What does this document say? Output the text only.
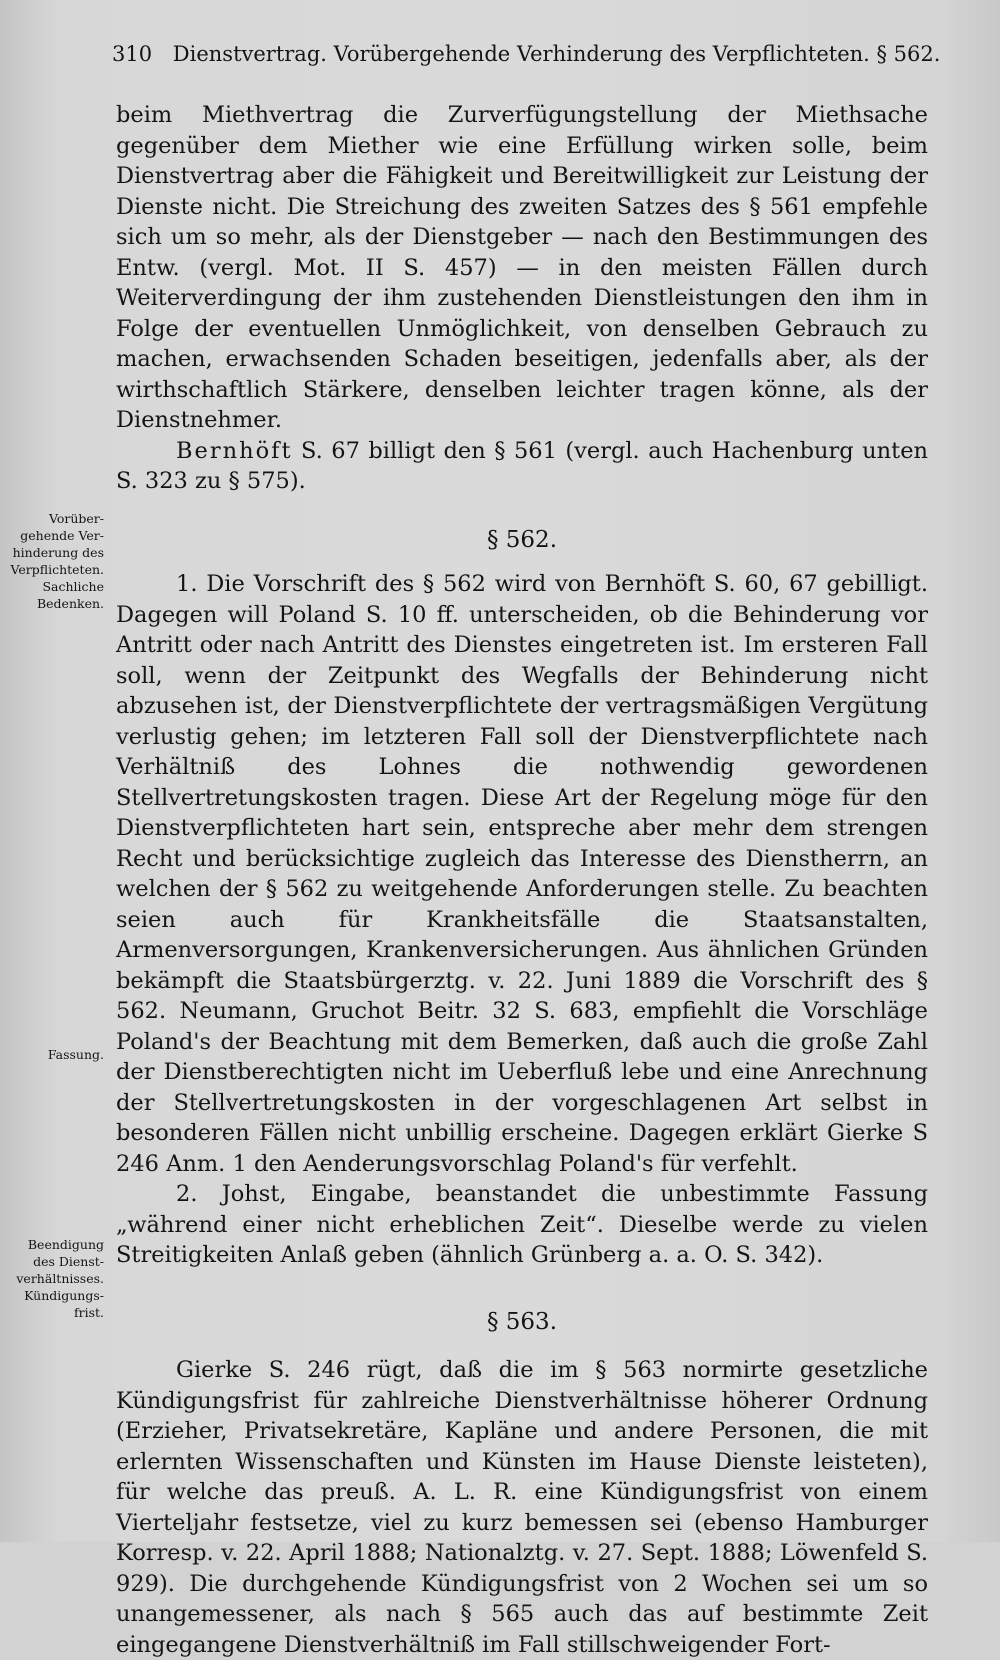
310 Dienstvertrag. Vorübergehende Verhinderung des Verpflichteten. § 562.
Vorüber-
gehende Ver-
hinderung des
Verpflichteten.
Sachliche
Bedenken.
Fassung.
Beendigung
des Dienst-
verhältnisses.
Kündigungs-
frist.

beim Miethvertrag die Zurverfügungstellung der Miethsache gegenüber dem Miether wie eine Erfüllung wirken solle, beim Dienstvertrag aber die Fähigkeit und Bereitwilligkeit zur Leistung der Dienste nicht. Die Streichung des zweiten Satzes des § 561 empfehle sich um so mehr, als der Dienstgeber — nach den Bestimmungen des Entw. (vergl. Mot. II S. 457) — in den meisten Fällen durch Weiterverdingung der ihm zustehenden Dienstleistungen den ihm in Folge der eventuellen Unmöglichkeit, von denselben Gebrauch zu machen, erwachsenden Schaden beseitigen, jedenfalls aber, als der wirthschaftlich Stärkere, denselben leichter tragen könne, als der Dienstnehmer.

Bernhöft S. 67 billigt den § 561 (vergl. auch Hachenburg unten S. 323 zu § 575).

§ 562.

1. Die Vorschrift des § 562 wird von Bernhöft S. 60, 67 gebilligt. Dagegen will Poland S. 10 ff. unterscheiden, ob die Behinderung vor Antritt oder nach Antritt des Dienstes eingetreten ist. Im ersteren Fall soll, wenn der Zeitpunkt des Wegfalls der Behinderung nicht abzusehen ist, der Dienstverpflichtete der vertragsmäßigen Vergütung verlustig gehen; im letzteren Fall soll der Dienstverpflichtete nach Verhältniß des Lohnes die nothwendig gewordenen Stellvertretungskosten tragen. Diese Art der Regelung möge für den Dienstverpflichteten hart sein, entspreche aber mehr dem strengen Recht und berücksichtige zugleich das Interesse des Dienstherrn, an welchen der § 562 zu weitgehende Anforderungen stelle. Zu beachten seien auch für Krankheitsfälle die Staatsanstalten, Armenversorgungen, Krankenversicherungen. Aus ähnlichen Gründen bekämpft die Staatsbürgerztg. v. 22. Juni 1889 die Vorschrift des § 562. Neumann, Gruchot Beitr. 32 S. 683, empfiehlt die Vorschläge Poland's der Beachtung mit dem Bemerken, daß auch die große Zahl der Dienstberechtigten nicht im Ueberfluß lebe und eine Anrechnung der Stellvertretungskosten in der vorgeschlagenen Art selbst in besonderen Fällen nicht unbillig erscheine. Dagegen erklärt Gierke S 246 Anm. 1 den Aenderungsvorschlag Poland's für verfehlt.

2. Johst, Eingabe, beanstandet die unbestimmte Fassung „während einer nicht erheblichen Zeit“. Dieselbe werde zu vielen Streitigkeiten Anlaß geben (ähnlich Grünberg a. a. O. S. 342).

§ 563.

Gierke S. 246 rügt, daß die im § 563 normirte gesetzliche Kündigungsfrist für zahlreiche Dienstverhältnisse höherer Ordnung (Erzieher, Privatsekretäre, Kapläne und andere Personen, die mit erlernten Wissenschaften und Künsten im Hause Dienste leisteten), für welche das preuß. A. L. R. eine Kündigungsfrist von einem Vierteljahr festsetze, viel zu kurz bemessen sei (ebenso Hamburger Korresp. v. 22. April 1888; Nationalztg. v. 27. Sept. 1888; Löwenfeld S. 929). Die durchgehende Kündigungsfrist von 2 Wochen sei um so unangemessener, als nach § 565 auch das auf bestimmte Zeit eingegangene Dienstverhältniß im Fall stillschweigender Fort-
